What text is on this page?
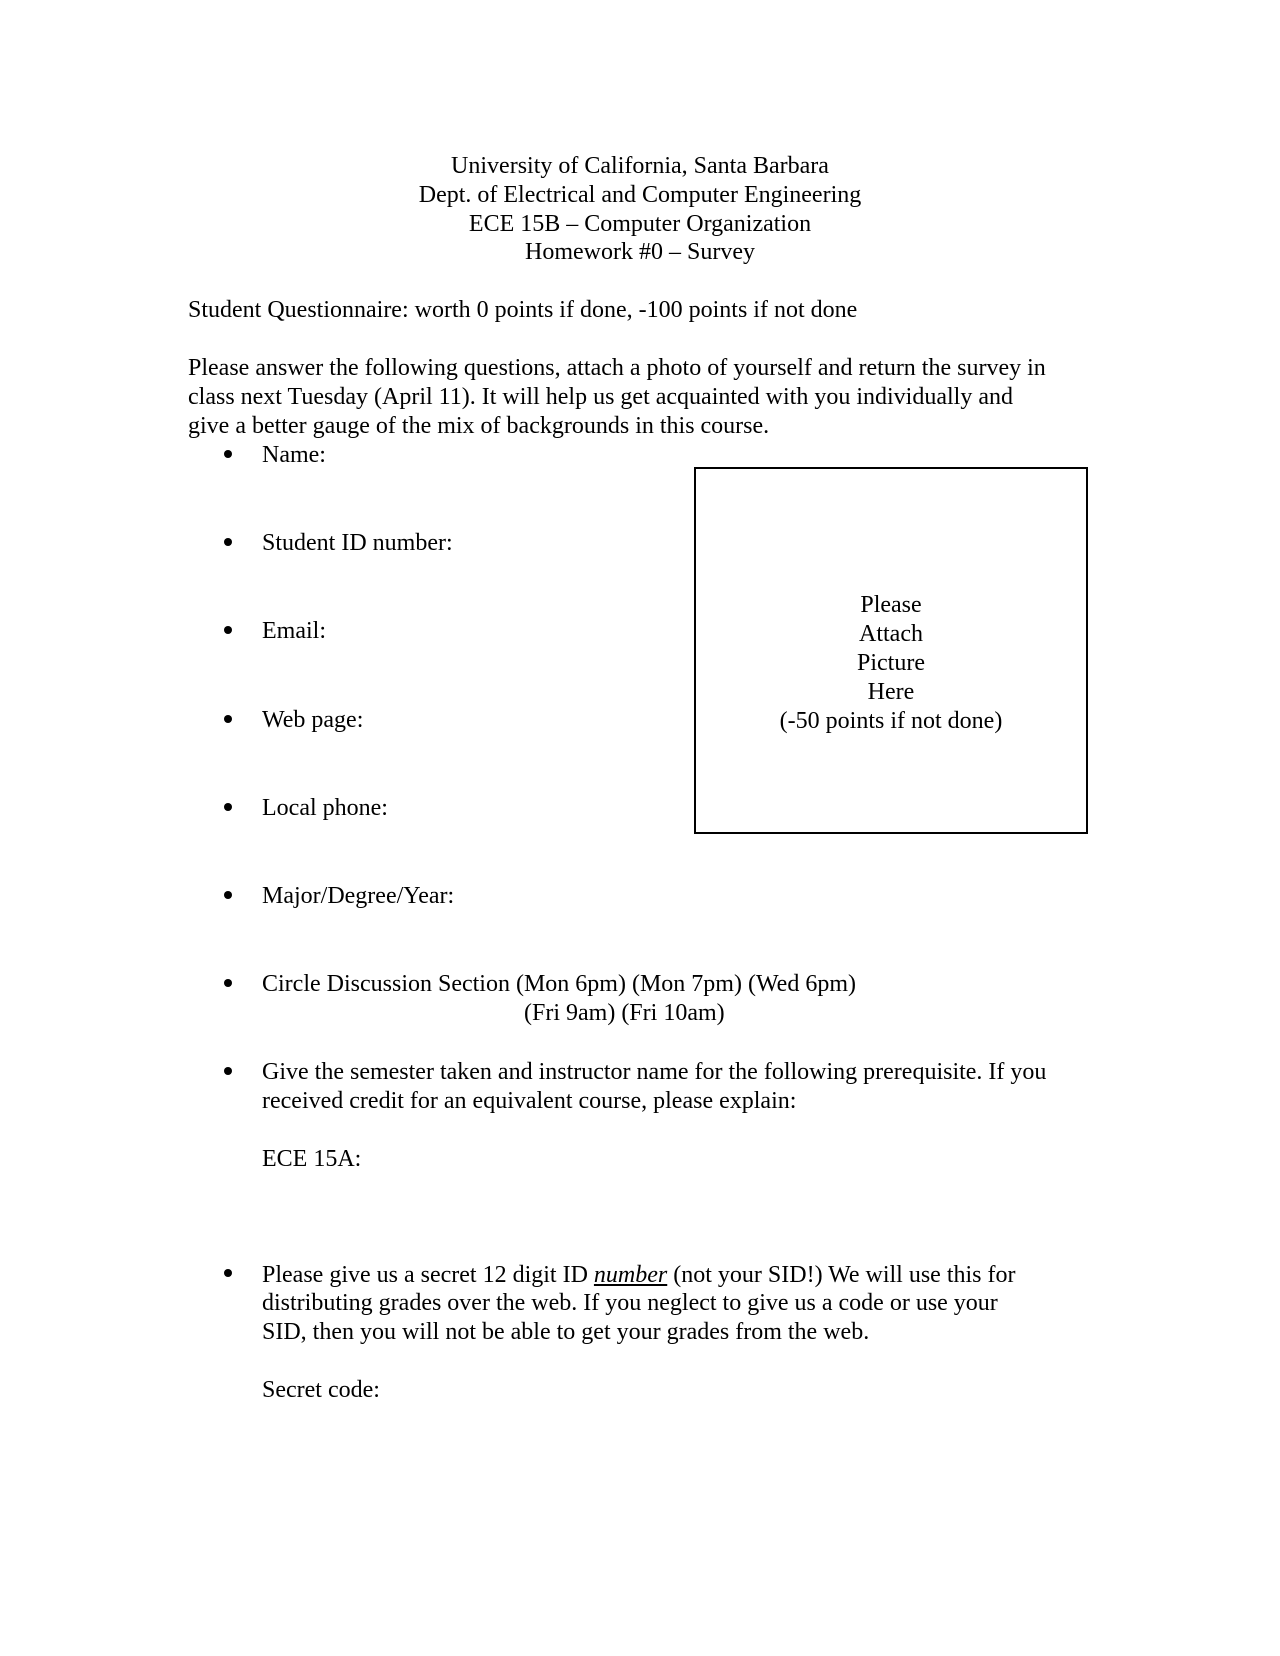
University of California, Santa Barbara
Dept. of Electrical and Computer Engineering
ECE 15B – Computer Organization
Homework #0 – Survey
Student Questionnaire: worth 0 points if done, -100 points if not done
Please answer the following questions, attach a photo of yourself and return the survey in
class next Tuesday (April 11). It will help us get acquainted with you individually and
give a better gauge of the mix of backgrounds in this course.
Name:
Student ID number:
Email:
Web page:
Local phone:
Major/Degree/Year:
Please
Attach
Picture
Here
(-50 points if not done)
Circle Discussion Section (Mon 6pm) (Mon 7pm) (Wed 6pm)
(Fri 9am) (Fri 10am)
Give the semester taken and instructor name for the following prerequisite. If you
received credit for an equivalent course, please explain:
ECE 15A:
Please give us a secret 12 digit ID number (not your SID!) We will use this for
distributing grades over the web. If you neglect to give us a code or use your
SID, then you will not be able to get your grades from the web.
Secret code:
